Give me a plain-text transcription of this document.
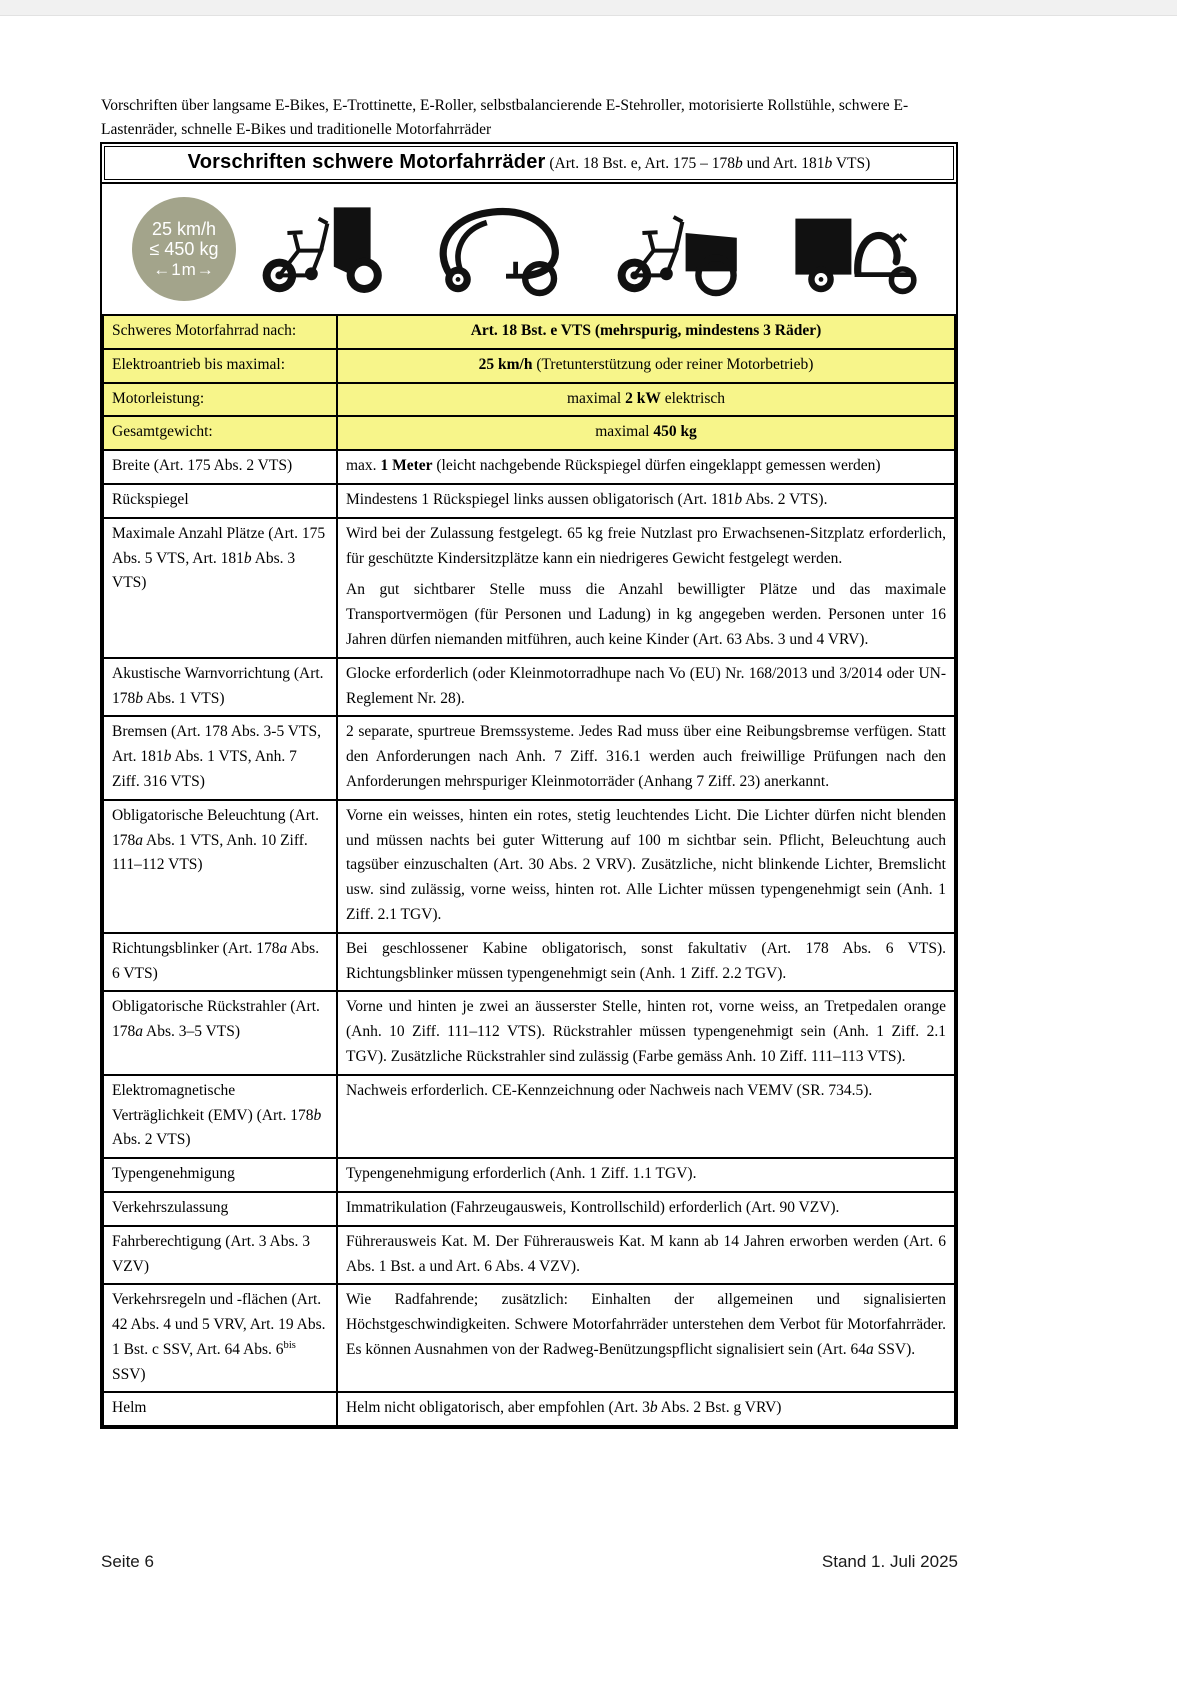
Vorschriften über langsame E-Bikes, E-Trottinette, E-Roller, selbstbalancierende E-Stehroller, motorisierte Rollstühle, schwere E-Lastenräder, schnelle E-Bikes und traditionelle Motorfahrräder

Vorschriften schwere Motorfahrräder (Art. 18 Bst. e, Art. 175 – 178b und Art. 181b VTS)
25 km/h
≤ 450 kg
←1m→
Schweres Motorfahrrad nach:	Art. 18 Bst. e VTS (mehrspurig, mindestens 3 Räder)

Elektroantrieb bis maximal:	25 km/h (Tretunterstützung oder reiner Motorbetrieb)

Motorleistung:	maximal 2 kW elektrisch

Gesamtgewicht:	maximal 450 kg

Breite (Art. 175 Abs. 2 VTS)	max. 1 Meter (leicht nachgebende Rückspiegel dürfen eingeklappt gemessen werden)

Rückspiegel	Mindestens 1 Rückspiegel links aussen obligatorisch (Art. 181b Abs. 2 VTS).

Maximale Anzahl Plätze (Art. 175 Abs. 5 VTS, Art. 181b Abs. 3 VTS)	Wird bei der Zulassung festgelegt. 65 kg freie Nutzlast pro Erwachsenen-Sitzplatz erforderlich, für geschützte Kindersitzplätze kann ein niedrigeres Gewicht festgelegt werden.
An gut sichtbarer Stelle muss die Anzahl bewilligter Plätze und das maximale Transportvermögen (für Personen und Ladung) in kg angegeben werden. Personen unter 16 Jahren dürfen niemanden mitführen, auch keine Kinder (Art. 63 Abs. 3 und 4 VRV).

Akustische Warnvorrichtung (Art. 178b Abs. 1 VTS)	Glocke erforderlich (oder Kleinmotorradhupe nach Vo (EU) Nr. 168/2013 und 3/2014 oder UN-Reglement Nr. 28).

Bremsen (Art. 178 Abs. 3-5 VTS, Art. 181b Abs. 1 VTS, Anh. 7 Ziff. 316 VTS)	2 separate, spurtreue Bremssysteme. Jedes Rad muss über eine Reibungsbremse verfügen. Statt den Anforderungen nach Anh. 7 Ziff. 316.1 werden auch freiwillige Prüfungen nach den Anforderungen mehrspuriger Kleinmotorräder (Anhang 7 Ziff. 23) anerkannt.

Obligatorische Beleuchtung (Art. 178a Abs. 1 VTS, Anh. 10 Ziff. 111–112 VTS)	Vorne ein weisses, hinten ein rotes, stetig leuchtendes Licht. Die Lichter dürfen nicht blenden und müssen nachts bei guter Witterung auf 100 m sichtbar sein. Pflicht, Beleuchtung auch tagsüber einzuschalten (Art. 30 Abs. 2 VRV). Zusätzliche, nicht blinkende Lichter, Bremslicht usw. sind zulässig, vorne weiss, hinten rot. Alle Lichter müssen typengenehmigt sein (Anh. 1 Ziff. 2.1 TGV).

Richtungsblinker (Art. 178a Abs. 6 VTS)	Bei geschlossener Kabine obligatorisch, sonst fakultativ (Art. 178 Abs. 6 VTS). Richtungsblinker müssen typengenehmigt sein (Anh. 1 Ziff. 2.2 TGV).

Obligatorische Rückstrahler (Art. 178a Abs. 3–5 VTS)	Vorne und hinten je zwei an äusserster Stelle, hinten rot, vorne weiss, an Tretpedalen orange (Anh. 10 Ziff. 111–112 VTS). Rückstrahler müssen typengenehmigt sein (Anh. 1 Ziff. 2.1 TGV). Zusätzliche Rückstrahler sind zulässig (Farbe gemäss Anh. 10 Ziff. 111–113 VTS).

Elektromagnetische Verträglichkeit (EMV) (Art. 178b Abs. 2 VTS)	Nachweis erforderlich. CE-Kennzeichnung oder Nachweis nach VEMV (SR. 734.5).

Typengenehmigung	Typengenehmigung erforderlich (Anh. 1 Ziff. 1.1 TGV).

Verkehrszulassung	Immatrikulation (Fahrzeugausweis, Kontrollschild) erforderlich (Art. 90 VZV).

Fahrberechtigung (Art. 3 Abs. 3 VZV)	Führerausweis Kat. M. Der Führerausweis Kat. M kann ab 14 Jahren erworben werden (Art. 6 Abs. 1 Bst. a und Art. 6 Abs. 4 VZV).

Verkehrsregeln und -flächen (Art. 42 Abs. 4 und 5 VRV, Art. 19 Abs. 1 Bst. c SSV, Art. 64 Abs. $6^{bis}$ SSV)	Wie Radfahrende; zusätzlich: Einhalten der allgemeinen und signalisierten Höchstgeschwindigkeiten. Schwere Motorfahrräder unterstehen dem Verbot für Motorfahrräder. Es können Ausnahmen von der Radweg-Benützungspflicht signalisiert sein (Art. 64a SSV).

Helm	Helm nicht obligatorisch, aber empfohlen (Art. 3b Abs. 2 Bst. g VRV)
Seite 6	Stand 1. Juli 2025
